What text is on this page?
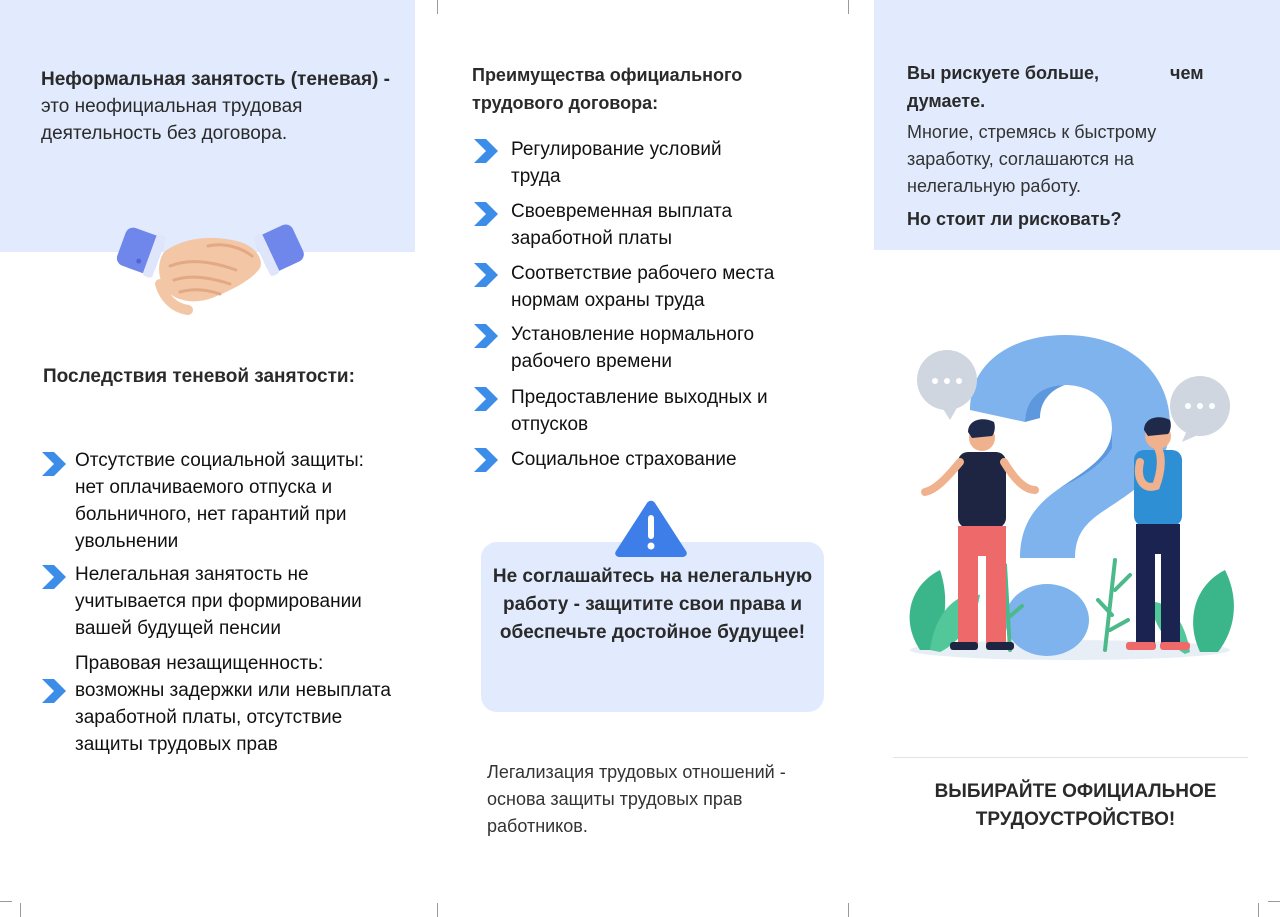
Неформальная занятость (теневая) - это неофициальная трудовая деятельность без договора.
Последствия теневой занятости:
Отсутствие социальной защиты: нет оплачиваемого отпуска и больничного, нет гарантий при увольнении
Нелегальная занятость не учитывается при формировании вашей будущей пенсии
Правовая незащищенность: возможны задержки или невыплата заработной платы, отсутствие защиты трудовых прав
Преимущества официального трудового договора:
Регулирование условий труда
Своевременная выплата заработной платы
Соответствие рабочего места нормам охраны труда
Установление нормального рабочего времени
Предоставление выходных и отпусков
Социальное страхование
Не соглашайтесь на нелегальную работу - защитите свои права и обеспечьте достойное будущее!
Легализация трудовых отношений - основа защиты трудовых прав работников.
Вы рискуете больше,	чем

думаете.
Многие, стремясь к быстрому заработку, соглашаются на нелегальную работу.
Но стоит ли рисковать?
ВЫБИРАЙТЕ ОФИЦИАЛЬНОЕ ТРУДОУСТРОЙСТВО!
